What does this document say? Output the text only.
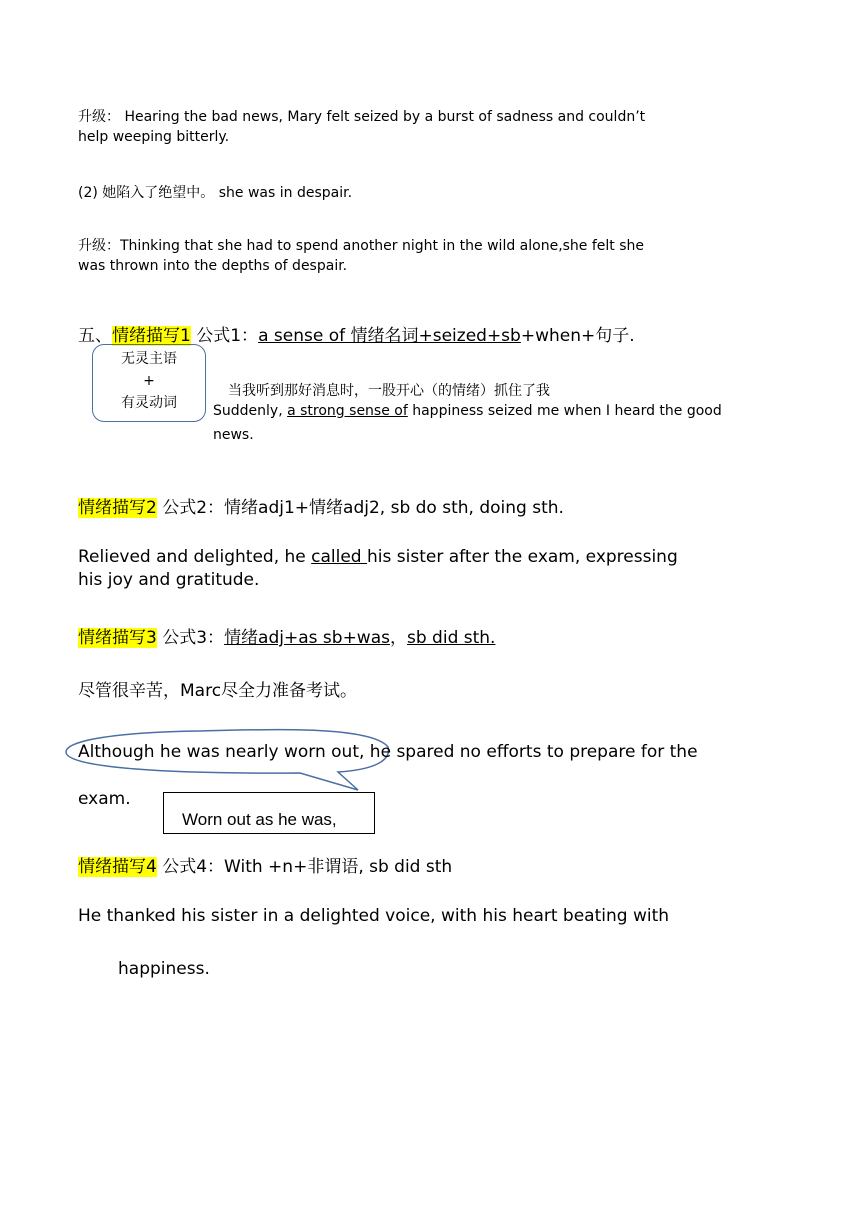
升级： Hearing the bad news, Mary felt seized by a burst of sadness and couldn’t
help weeping bitterly.
(2) 她陷入了绝望中。 she was in despair.
升级：Thinking that she had to spend another night in the wild alone,she felt she
was thrown into the depths of despair.
五、情绪描写1 公式1：a sense of 情绪名词+seized+sb+when+句子.
无灵主语
+
有灵动词
当我听到那好消息时，一股开心（的情绪）抓住了我
Suddenly, a strong sense of happiness seized me when I heard the good
news.
情绪描写2 公式2：情绪adj1+情绪adj2, sb do sth, doing sth.
Relieved and delighted, he called his sister after the exam, expressing
his joy and gratitude.
情绪描写3 公式3：情绪adj+as sb+was，sb did sth.
尽管很辛苦，Marc尽全力准备考试。
Although he was nearly worn out, he spared no efforts to prepare for the
exam.
Worn out as he was,
情绪描写4 公式4：With +n+非谓语, sb did sth
He thanked his sister in a delighted voice, with his heart beating with
happiness.
